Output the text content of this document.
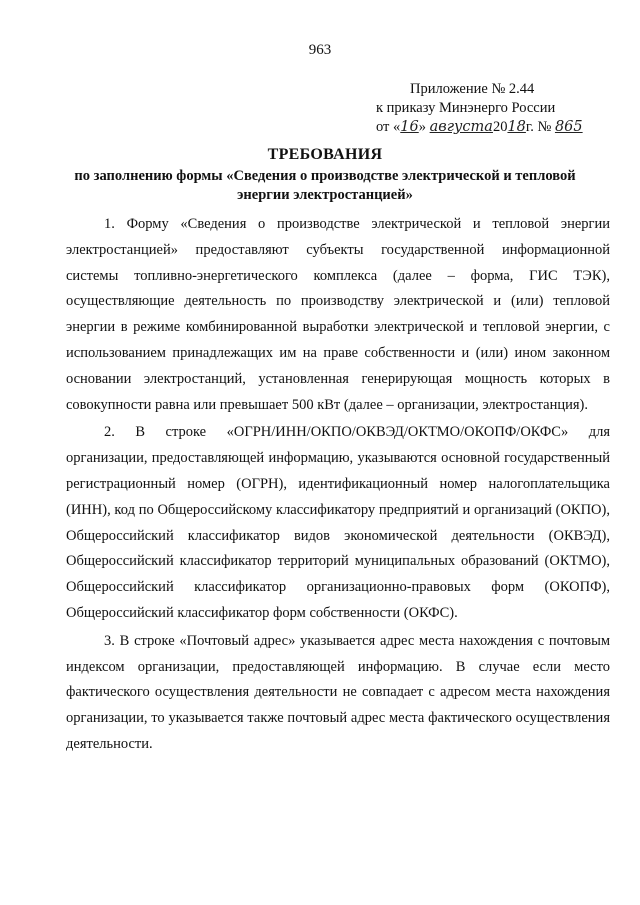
963
Приложение № 2.44
к приказу Минэнерго России
от «16» августа2018г. № 865
ТРЕБОВАНИЯ
по заполнению формы «Сведения о производстве электрической и тепловой энергии электростанцией»

1. Форму «Сведения о производстве электрической и тепловой энергии электростанцией» предоставляют субъекты государственной информационной системы топливно-энергетического комплекса (далее – форма, ГИС ТЭК), осуществляющие деятельность по производству электрической и (или) тепловой энергии в режиме комбинированной выработки электрической и тепловой энергии, с использованием принадлежащих им на праве собственности и (или) ином законном основании электростанций, установленная генерирующая мощность которых в совокупности равна или превышает 500 кВт (далее – организации, электростанция).

2. В строке «ОГРН/ИНН/ОКПО/ОКВЭД/ОКТМО/ОКОПФ/ОКФС» для организации, предоставляющей информацию, указываются основной государственный регистрационный номер (ОГРН), идентификационный номер налогоплательщика (ИНН), код по Общероссийскому классификатору предприятий и организаций (ОКПО), Общероссийский классификатор видов экономической деятельности (ОКВЭД), Общероссийский классификатор территорий муниципальных образований (ОКТМО), Общероссийский классификатор организационно-правовых форм (ОКОПФ), Общероссийский классификатор форм собственности (ОКФС).

3. В строке «Почтовый адрес» указывается адрес места нахождения с почтовым индексом организации, предоставляющей информацию. В случае если место фактического осуществления деятельности не совпадает с адресом места нахождения организации, то указывается также почтовый адрес места фактического осуществления деятельности.
